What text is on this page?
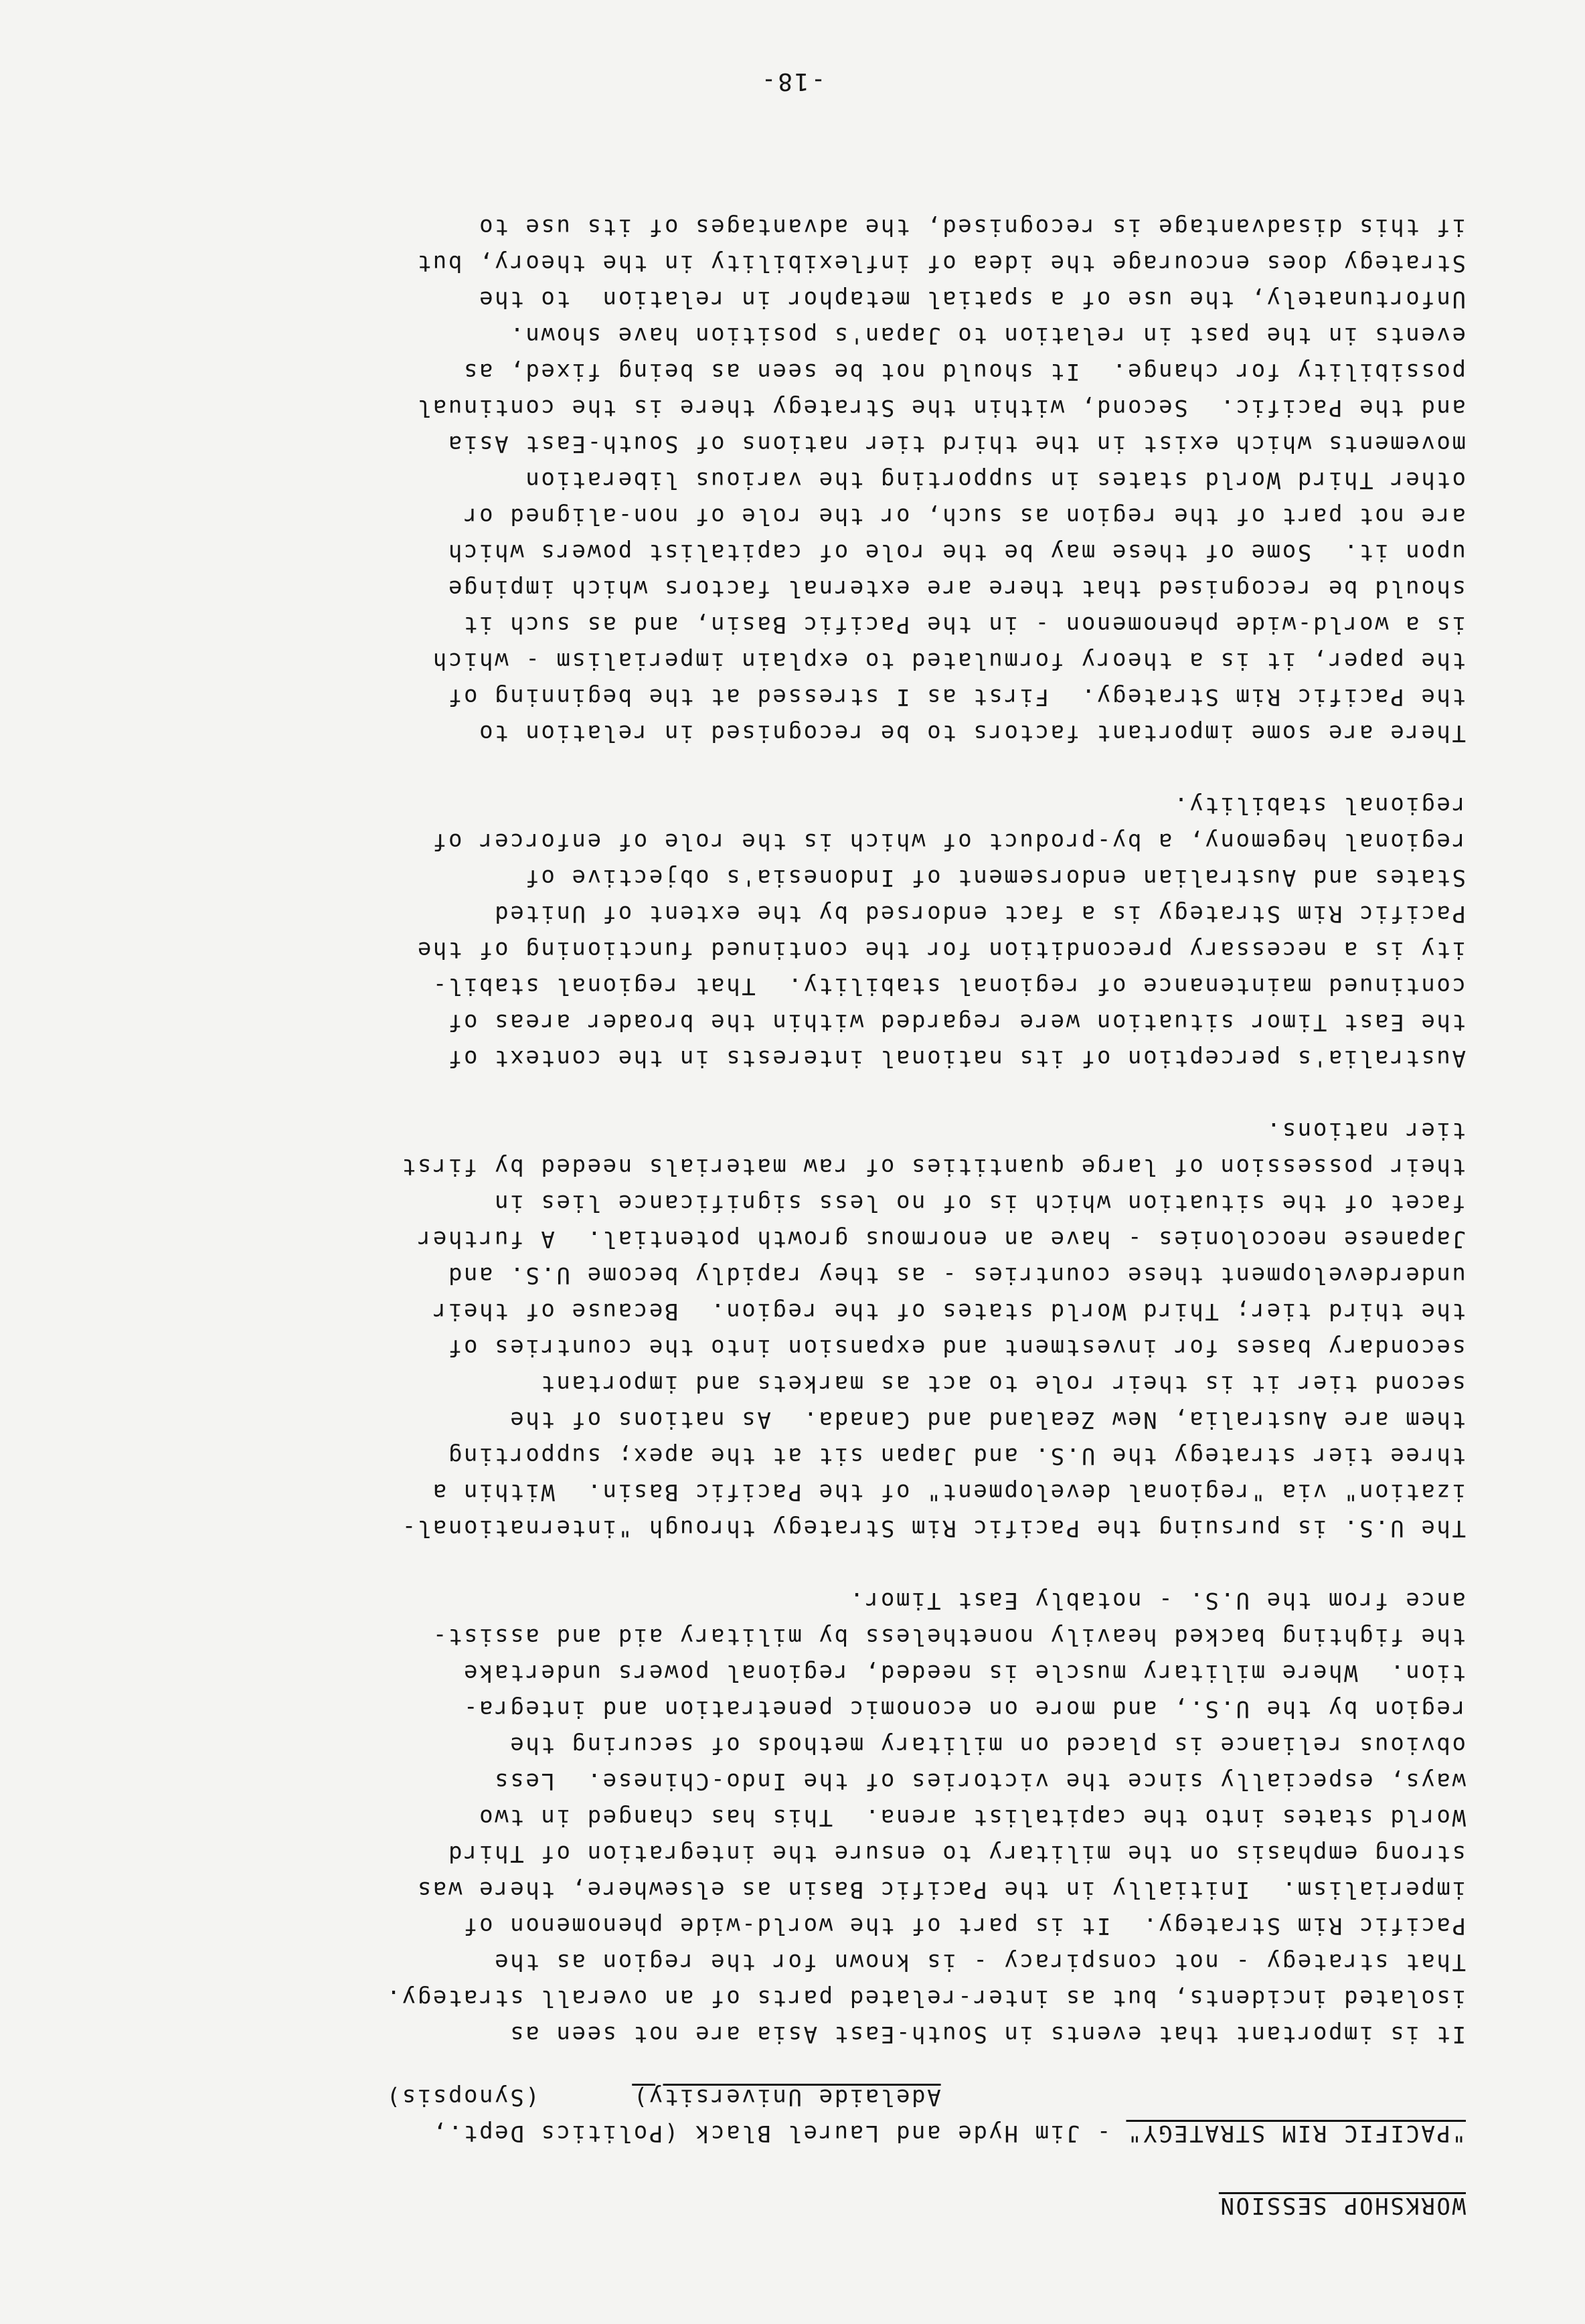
WORKSHOP SESSION
"PACIFIC RIM STRATEGY" - Jim Hyde and Laurel Black (Politics Dept.,
Adelaide University)      (Synopsis)
It is important that events in South-East Asia are not seen as
isolated incidents, but as inter-related parts of an overall strategy.
That strategy - not conspiracy - is known for the region as the
Pacific Rim Strategy.  It is part of the world-wide phenomenon of
imperialism.  Initially in the Pacific Basin as elsewhere, there was
strong emphasis on the military to ensure the integration of Third
World states into the capitalist arena.  This has changed in two
ways, especially since the victories of the Indo-Chinese.  Less
obvious reliance is placed on military methods of securing the
region by the U.S., and more on economic penetration and integra-
tion.  Where military muscle is needed, regional powers undertake
the fighting backed heavily nonetheless by military aid and assist-
ance from the U.S. - notably East Timor.
The U.S. is pursuing the Pacific Rim Strategy through "international-
ization" via "regional development" of the Pacific Basin.  Within a
three tier strategy the U.S. and Japan sit at the apex; supporting
them are Australia, New Zealand and Canada.  As nations of the
second tier it is their role to act as markets and important
secondary bases for investment and expansion into the countries of
the third tier; Third World states of the region.  Because of their
underdevelopment these countries - as they rapidly become U.S. and
Japanese neocolonies - have an enormous growth potential.  A further
facet of the situation which is of no less significance lies in
their possession of large quantities of raw materials needed by first
tier nations.
Australia's perception of its national interests in the context of
the East Timor situation were regarded within the broader areas of
continued maintenance of regional stability.  That regional stabil-
ity is a necessary precondition for the continued functioning of the
Pacific Rim Strategy is a fact endorsed by the extent of United
States and Australian endorsement of Indonesia's objective of
regional hegemony, a by-product of which is the role of enforcer of
regional stability.
There are some important factors to be recognised in relation to
the Pacific Rim Strategy.  First as I stressed at the beginning of
the paper, it is a theory formulated to explain imperialism - which
is a world-wide phenomenon - in the Pacific Basin, and as such it
should be recognised that there are external factors which impinge
upon it.  Some of these may be the role of capitalist powers which
are not part of the region as such, or the role of non-aligned or
other Third World states in supporting the various liberation
movements which exist in the third tier nations of South-East Asia
and the Pacific.  Second, within the Strategy there is the continual
possibility for change.  It should not be seen as being fixed, as
events in the past in relation to Japan's position have shown.
Unfortunately, the use of a spatial metaphor in relation  to the
Strategy does encourage the idea of inflexibility in the theory, but
if this disadvantage is recognised, the advantages of its use to
-18-
